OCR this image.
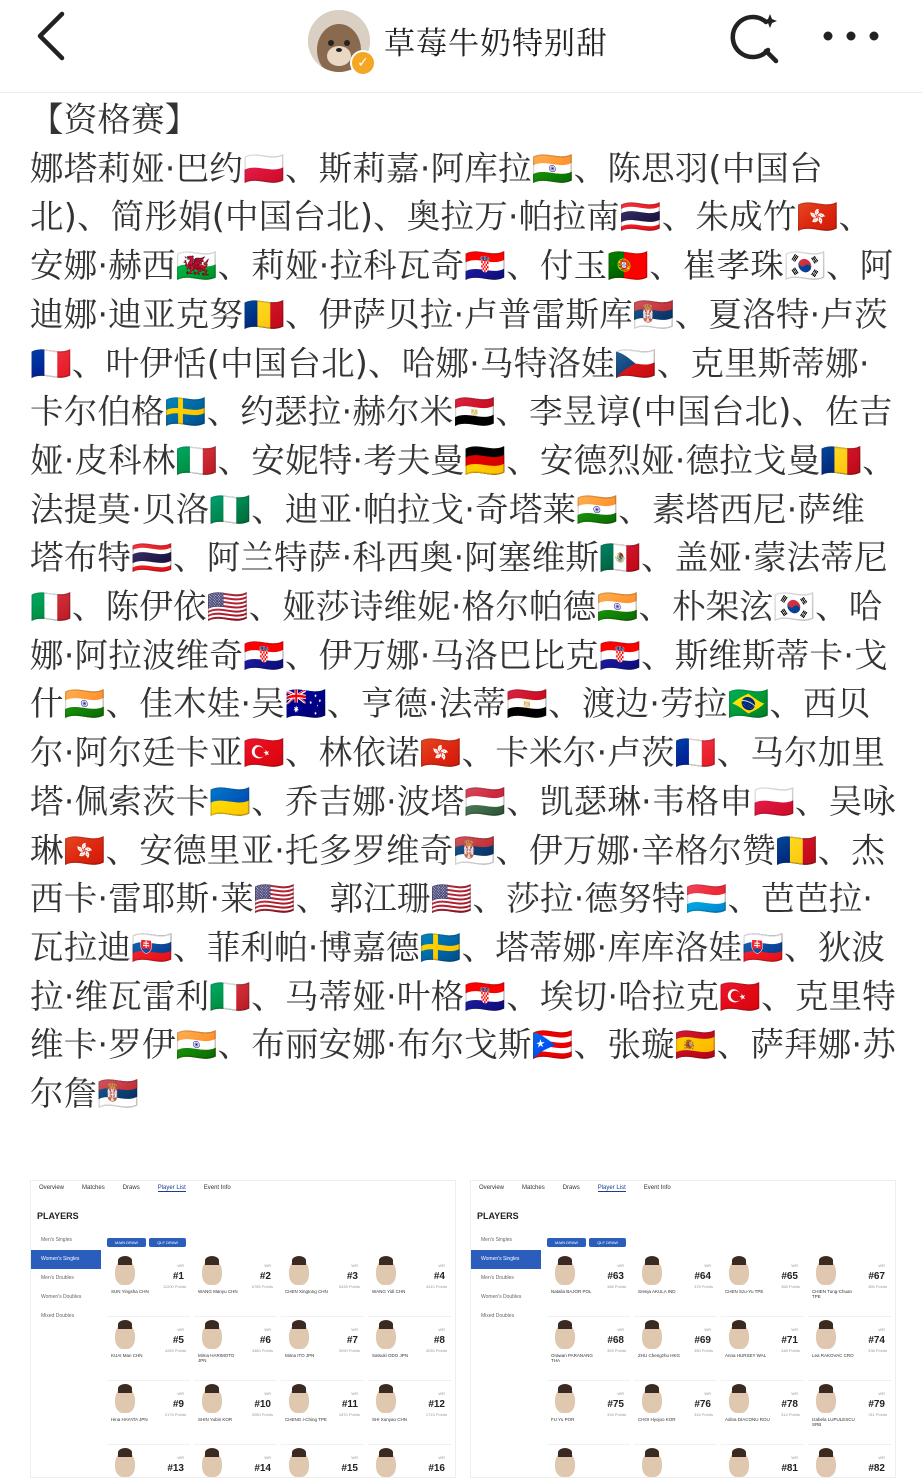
✓
草莓牛奶特别甜

【资格赛】
娜塔莉娅·巴约🇵🇱、斯莉嘉·阿库拉🇮🇳、陈思羽(中国台北)、简彤娟(中国台北)、奥拉万·帕拉南🇹🇭、朱成竹🇭🇰、安娜·赫西🏴󠁧󠁢󠁷󠁬󠁳󠁿、莉娅·拉科瓦奇🇭🇷、付玉🇵🇹、崔孝珠🇰🇷、阿迪娜·迪亚克努🇷🇴、伊萨贝拉·卢普雷斯库🇷🇸、夏洛特·卢茨🇫🇷、叶伊恬(中国台北)、哈娜·马特洛娃🇨🇿、克里斯蒂娜·卡尔伯格🇸🇪、约瑟拉·赫尔米🇪🇬、李昱谆(中国台北)、佐吉娅·皮科林🇮🇹、安妮特·考夫曼🇩🇪、安德烈娅·德拉戈曼🇷🇴、法提莫·贝洛🇳🇬、迪亚·帕拉戈·奇塔莱🇮🇳、素塔西尼·萨维塔布特🇹🇭、阿兰特萨·科西奥·阿塞维斯🇲🇽、盖娅·蒙法蒂尼🇮🇹、陈伊依🇺🇸、娅莎诗维妮·格尔帕德🇮🇳、朴架泫🇰🇷、哈娜·阿拉波维奇🇭🇷、伊万娜·马洛巴比克🇭🇷、斯维斯蒂卡·戈什🇮🇳、佳木娃·吴🇦🇺、亨德·法蒂🇪🇬、渡边·劳拉🇧🇷、西贝尔·阿尔廷卡亚🇹🇷、林依诺🇭🇰、卡米尔·卢茨🇫🇷、马尔加里塔·佩索茨卡🇺🇦、乔吉娜·波塔🇭🇺、凯瑟琳·韦格申🇵🇱、吴咏琳🇭🇰、安德里亚·托多罗维奇🇷🇸、伊万娜·辛格尔赞🇷🇴、杰西卡·雷耶斯·莱🇺🇸、郭江珊🇺🇸、莎拉·德努特🇱🇺、芭芭拉·瓦拉迪🇸🇰、菲利帕·博嘉德🇸🇪、塔蒂娜·库库洛娃🇸🇰、狄波拉·维瓦雷利🇮🇹、马蒂娅·叶格🇭🇷、埃切·哈拉克🇹🇷、克里特维卡·罗伊🇮🇳、布丽安娜·布尔戈斯🇵🇷、张璇🇪🇸、萨拜娜·苏尔詹🇷🇸

Overview	Matches	Draws	Player List	Event Info
PLAYERS
Men's Singles
Women's Singles
Men's Doubles
Women's Doubles
Mixed Doubles
MAIN DRAW	QLF DRAW
WR
#1
11200 Points
SUN Yingsha CHN
WR
#2
6785 Points
WANG Manyu CHN
WR
#3
5435 Points
CHEN Xingtong CHN
WR
#4
4410 Points
WANG Yidi CHN
WR
#5
4255 Points
KUAI Man CHN
WR
#6
3480 Points
Mima HARIMOTO JPN
WR
#7
3090 Points
Mima ITO JPN
WR
#8
3030 Points
Satsuki ODO JPN
WR
#9
2175 Points
Hina HAYATA JPN
WR
#10
2050 Points
SHIN Yubin KOR
WR
#11
1870 Points
CHENG I-Ching TPE
WR
#12
1715 Points
SHI Xunyao CHN
WR
#13
WR
#14
WR
#15
WR
#16
Overview	Matches	Draws	Player List	Event Info
PLAYERS
Men's Singles
Women's Singles
Men's Doubles
Women's Doubles
Mixed Doubles
MAIN DRAW	QLF DRAW
WR
#63
388 Points
Natalia BAJOR POL
WR
#64
378 Points
Sreeja AKULA IND
WR
#65
368 Points
CHEN Szu-Yu TPE
WR
#67
365 Points
CHIEN Tung-Chuan TPE
WR
#68
353 Points
Orawan PARANANG THA
WR
#69
350 Points
ZHU Chengzhu HKG
WR
#71
348 Points
Anna HURSEY WAL
WR
#74
338 Points
Lea RAKOVAC CRO
WR
#75
318 Points
FU Yu POR
WR
#76
316 Points
CHOI Hyojoo KOR
WR
#78
314 Points
Adina DIACONU ROU
WR
#79
311 Points
Izabela LUPULESCU SRB
WR
#81
WR
#82
